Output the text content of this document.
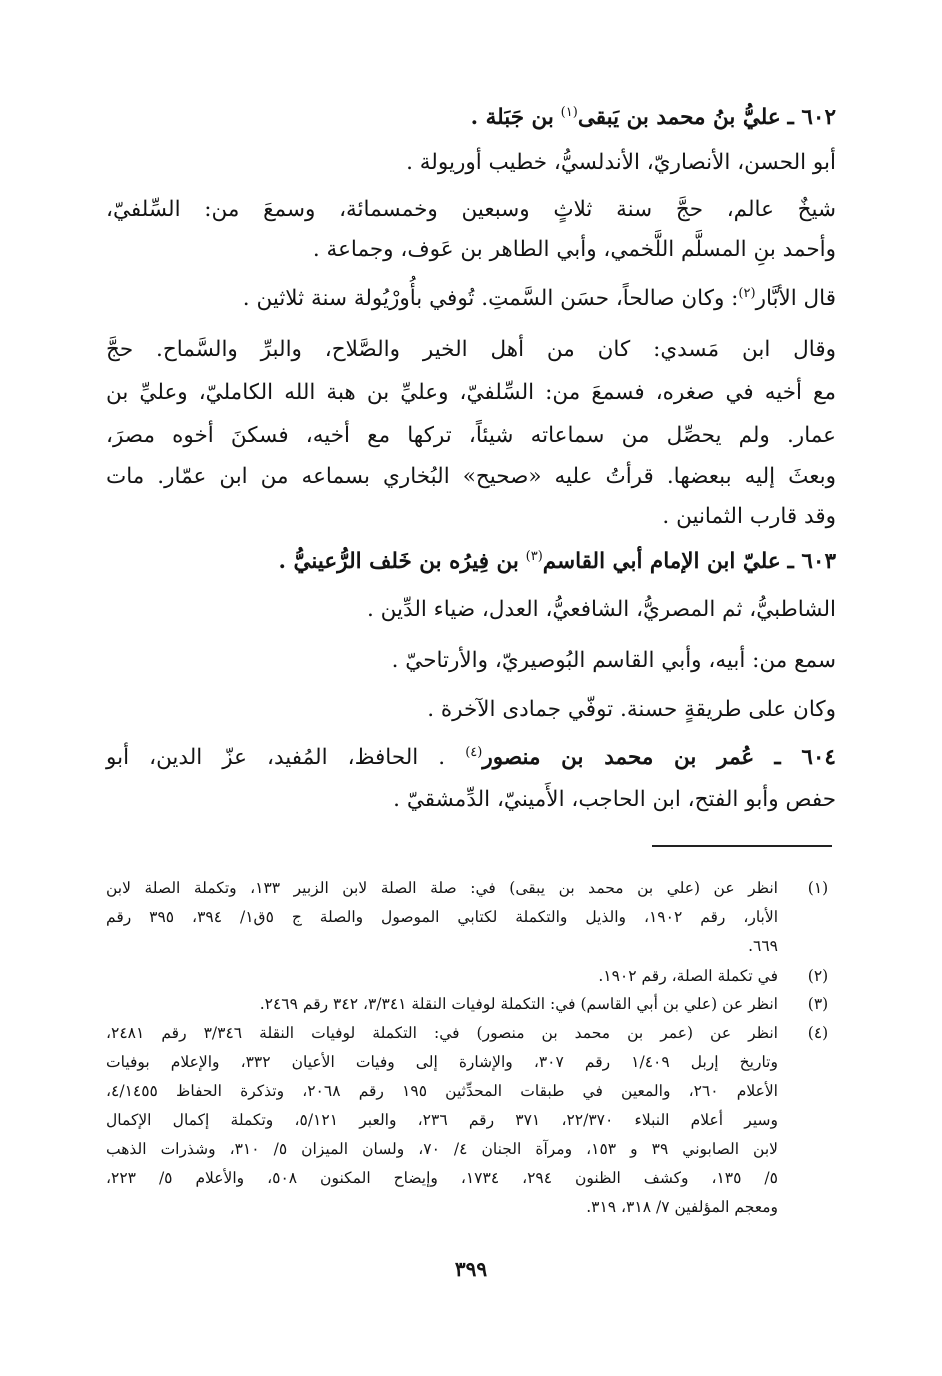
٦٠٢ ـ عليُّ بنُ محمد بن يَبقى$^{(١)}$ بن جَبَلة .
أبو الحسن، الأنصاريّ، الأندلسيُّ، خطيب أوريولة .
شيخٌ عالم، حجَّ سنة ثلاثٍ وسبعين وخمسمائة، وسمعَ من: السِّلفيّ،
وأحمد بنِ المسلَّم اللَّخمي، وأبي الطاهر بن عَوف، وجماعة .
قال الأبَّار$^{(٢)}$: وكان صالحاً، حسَن السَّمتِ. تُوفي بأُورْيُولة سنة ثلاثين .
وقال ابن مَسدي: كان من أهل الخير والصَّلاح، والبرِّ والسَّماح. حجَّ
مع أخيه في صغره، فسمعَ من: السِّلفيّ، وعليِّ بن هبة الله الكامليّ، وعليِّ بن
عمار. ولم يحصِّل من سماعاته شيئاً، تركها مع أخيه، فسكنَ أخوه مصرَ،
وبعثَ إليه ببعضها. قرأتُ عليه «صحيح» البُخاري بسماعه من ابن عمّار. مات
وقد قارب الثمانين .
٦٠٣ ـ عليّ ابن الإمام أبي القاسم$^{(٣)}$ بن فِيرُه بن خَلف الرُّعينيُّ .
الشاطبيُّ، ثم المصريُّ، الشافعيُّ، العدل، ضياء الدِّين .
سمع من: أبيه، وأبي القاسم البُوصيريّ، والأرتاحيّ .
وكان على طريقةٍ حسنة. توفّي جمادى الآخرة .
٦٠٤ ـ عُمر بن محمد بن منصور$^{(٤)}$ . الحافظ، المُفيد، عزّ الدين، أبو
حفص وأبو الفتح، ابن الحاجب، الأَمينيّ، الدِّمشقيّ .
(١)
انظر عن (علي بن محمد بن يبقى) في: صلة الصلة لابن الزبير ١٣٣، وتكملة الصلة لابن
الأبار، رقم ١٩٠٢، والذيل والتكملة لكتابي الموصول والصلة ج ٥ق١/ ٣٩٤، ٣٩٥ رقم
٦٦٩.
(٢)
في تكملة الصلة، رقم ١٩٠٢.
(٣)
انظر عن (علي بن أبي القاسم) في: التكملة لوفيات النقلة ٣/٣٤١، ٣٤٢ رقم ٢٤٦٩.
(٤)
انظر عن (عمر بن محمد بن منصور) في: التكملة لوفيات النقلة ٣/٣٤٦ رقم ٢٤٨١،
وتاريخ إربل ١/٤٠٩ رقم ٣٠٧، والإشارة إلى وفيات الأعيان ٣٣٢، والإعلام بوفيات
الأعلام ٢٦٠، والمعين في طبقات المحدِّثين ١٩٥ رقم ٢٠٦٨، وتذكرة الحفاظ ٤/١٤٥٥،
وسير أعلام النبلاء ٢٢/٣٧٠، ٣٧١ رقم ٢٣٦، والعبر ٥/١٢١، وتكملة إكمال الإكمال
لابن الصابوني ٣٩ و ١٥٣، ومرآة الجنان ٤/ ٧٠، ولسان الميزان ٥/ ٣١٠، وشذرات الذهب
٥/ ١٣٥، وكشف الظنون ٢٩٤، ١٧٣٤، وإيضاح المكنون ٥٠٨، والأعلام ٥/ ٢٢٣،
ومعجم المؤلفين ٧/ ٣١٨، ٣١٩.
٣٩٩
